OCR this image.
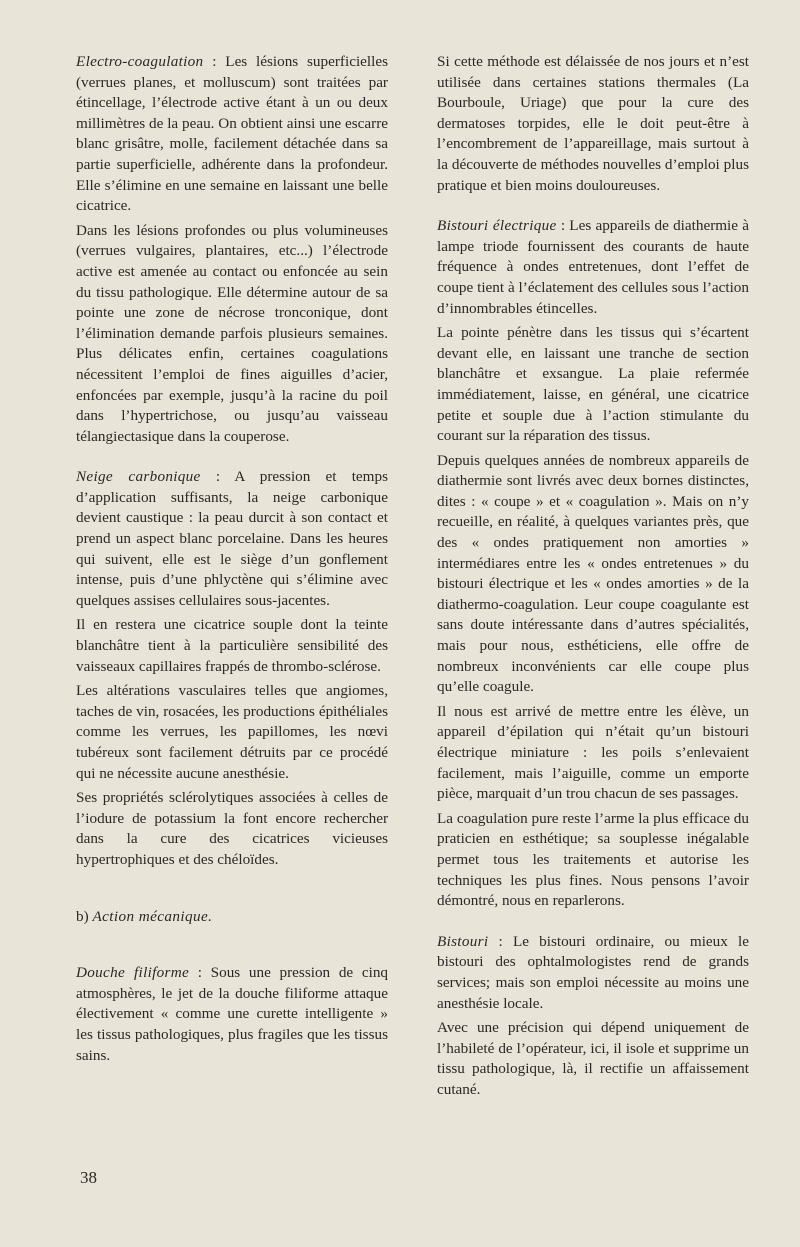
Electro-coagulation : Les lésions superficielles (verrues planes, et molluscum) sont traitées par étincellage, l’électrode active étant à un ou deux millimètres de la peau. On obtient ainsi une escarre blanc grisâtre, molle, facilement détachée dans sa partie superficielle, adhérente dans la profondeur. Elle s’élimine en une semaine en laissant une belle cicatrice.

Dans les lésions profondes ou plus volumineuses (verrues vulgaires, plantaires, etc...) l’électrode active est amenée au contact ou enfoncée au sein du tissu pathologique. Elle détermine autour de sa pointe une zone de nécrose tronconique, dont l’élimination demande parfois plusieurs semaines. Plus délicates enfin, certaines coagulations nécessitent l’emploi de fines aiguilles d’acier, enfoncées par exemple, jusqu’à la racine du poil dans l’hypertrichose, ou jusqu’au vaisseau télangiectasique dans la couperose.

Neige carbonique : A pression et temps d’application suffisants, la neige carbonique devient caustique : la peau durcit à son contact et prend un aspect blanc porcelaine. Dans les heures qui suivent, elle est le siège d’un gonflement intense, puis d’une phlyctène qui s’élimine avec quelques assises cellulaires sous-jacentes.

Il en restera une cicatrice souple dont la teinte blanchâtre tient à la particulière sensibilité des vaisseaux capillaires frappés de thrombo-sclérose.

Les altérations vasculaires telles que angiomes, taches de vin, rosacées, les productions épithéliales comme les verrues, les papillomes, les nœvi tubéreux sont facilement détruits par ce procédé qui ne nécessite aucune anesthésie.

Ses propriétés sclérolytiques associées à celles de l’iodure de potassium la font encore rechercher dans la cure des cicatrices vicieuses hypertrophiques et des chéloïdes.

b) Action mécanique.

Douche filiforme : Sous une pression de cinq atmosphères, le jet de la douche filiforme attaque électivement « comme une curette intelligente » les tissus pathologiques, plus fragiles que les tissus sains.

Si cette méthode est délaissée de nos jours et n’est utilisée dans certaines stations thermales (La Bourboule, Uriage) que pour la cure des dermatoses torpides, elle le doit peut-être à l’encombrement de l’appareillage, mais surtout à la découverte de méthodes nouvelles d’emploi plus pratique et bien moins douloureuses.

Bistouri électrique : Les appareils de diathermie à lampe triode fournissent des courants de haute fréquence à ondes entretenues, dont l’effet de coupe tient à l’éclatement des cellules sous l’action d’innombrables étincelles.

La pointe pénètre dans les tissus qui s’écartent devant elle, en laissant une tranche de section blanchâtre et exsangue. La plaie refermée immédiatement, laisse, en général, une cicatrice petite et souple due à l’action stimulante du courant sur la réparation des tissus.

Depuis quelques années de nombreux appareils de diathermie sont livrés avec deux bornes distinctes, dites : « coupe » et « coagulation ». Mais on n’y recueille, en réalité, à quelques variantes près, que des « ondes pratiquement non amorties » intermédiares entre les « ondes entretenues » du bistouri électrique et les « ondes amorties » de la diathermo-coagulation. Leur coupe coagulante est sans doute intéressante dans d’autres spécialités, mais pour nous, esthéticiens, elle offre de nombreux inconvénients car elle coupe plus qu’elle coagule.

Il nous est arrivé de mettre entre les élève, un appareil d’épilation qui n’était qu’un bistouri électrique miniature : les poils s’enlevaient facilement, mais l’aiguille, comme un emporte pièce, marquait d’un trou chacun de ses passages.

La coagulation pure reste l’arme la plus efficace du praticien en esthétique; sa souplesse inégalable permet tous les traitements et autorise les techniques les plus fines. Nous pensons l’avoir démontré, nous en reparlerons.

Bistouri : Le bistouri ordinaire, ou mieux le bistouri des ophtalmologistes rend de grands services; mais son emploi nécessite au moins une anesthésie locale.

Avec une précision qui dépend uniquement de l’habileté de l’opérateur, ici, il isole et supprime un tissu pathologique, là, il rectifie un affaissement cutané.

38
